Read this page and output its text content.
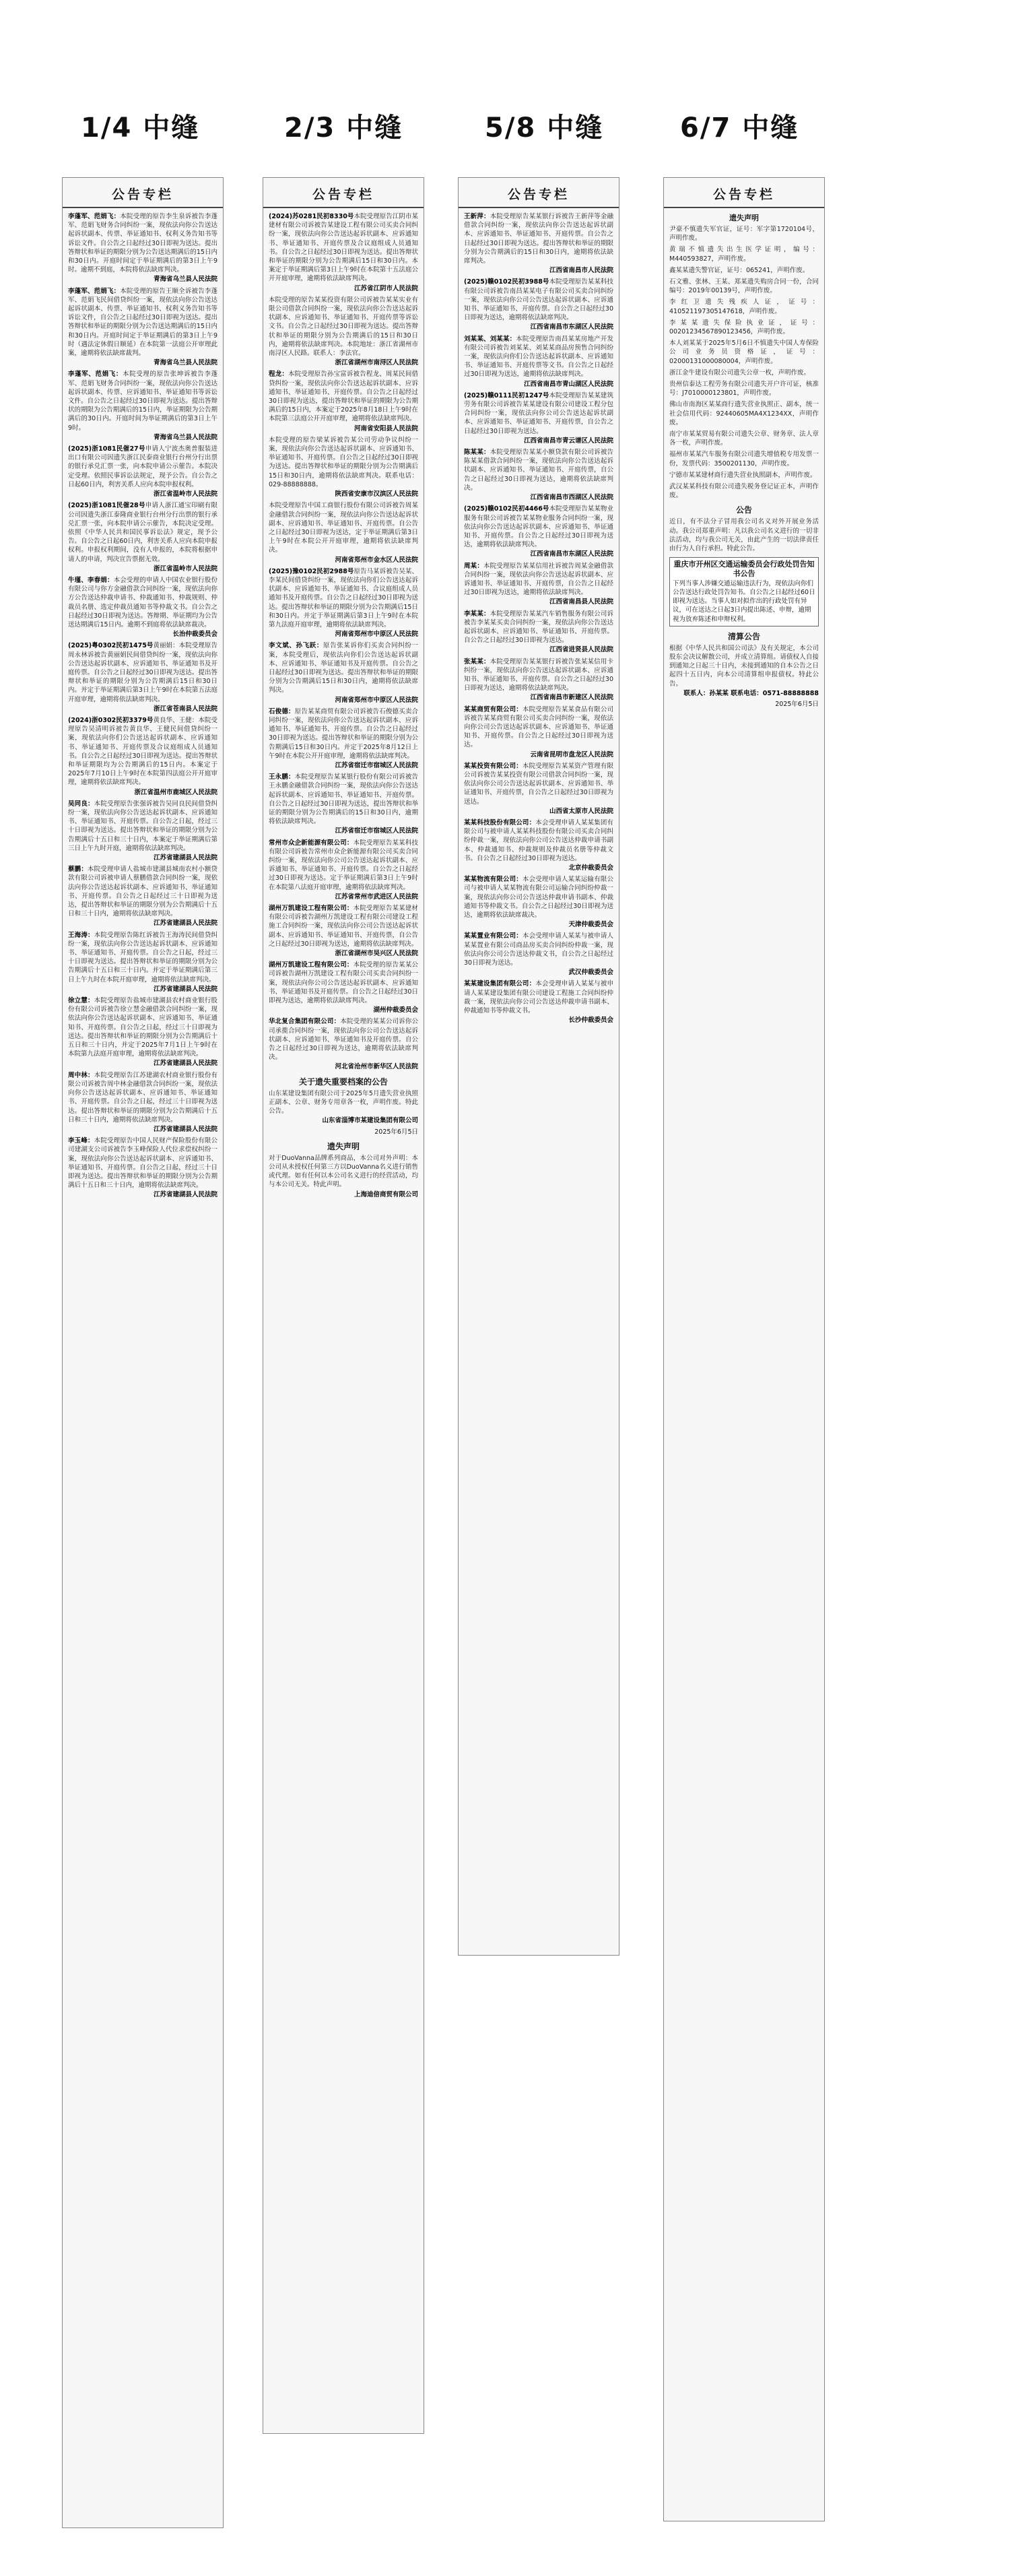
1/4 中缝	2/3 中缝	5/8 中缝	6/7 中缝
公告专栏

李蓬军、范娟飞：本院受理的原告李生泉诉被告李蓬军、范娟飞财务合同纠纷一案，现依法向你公告送达起诉状副本、传票、举证通知书、权利义务告知书等诉讼文件。自公告之日起经过30日即视为送达。提出答辩状和举证的期限分别为公告送达期满后的15日内和30日内。开庭时间定于举证期满后的第3日上午9时。逾期不到庭，本院将依法缺席判决。

青海省乌兰县人民法院

李蓬军、范娟飞：本院受理的原告王顺全诉被告李蓬军、范娟飞民间借贷纠纷一案，现依法向你公告送达起诉状副本、传票、举证通知书、权利义务告知书等诉讼文件，自公告之日起经过30日即视为送达。提出答辩状和举证的期限分别为公告送达期满后的15日内和30日内。开庭时间定于举证期满后的第3日上午9时（遇法定休假日顺延）在本院第一法庭公开审理此案，逾期将依法缺席裁判。

青海省乌兰县人民法院

李蓬军、范娟飞：本院受理的原告张坤诉被告李蓬军、范娟飞财务合同纠纷一案，现依法向你公告送达起诉状副本、传票、应诉通知书、举证通知书等诉讼文件。自公告之日起经过30日即视为送达。提出答辩状的期限为公告期满后的15日内，举证期限为公告期满后的30日内。开庭时间为举证期满后的第3日上午9时。

青海省乌兰县人民法院

(2025)浙1081民催27号申请人宁波杰奥普服装进出口有限公司因遗失浙江民泰商业银行台州分行出票的银行承兑汇票一张，向本院申请公示催告。本院决定受理。依照民事诉讼法规定，现予公告。自公告之日起60日内，利害关系人应向本院申报权利。

浙江省温岭市人民法院

(2025)浙1081民催28号申请人浙江通宝印刷有限公司因遗失浙江泰隆商业银行台州分行出票的银行承兑汇票一张，向本院申请公示催告，本院决定受理。依照《中华人民共和国民事诉讼法》规定，现予公告。自公告之日起60日内，利害关系人应向本院申报权利。申报权利期间，没有人申报的，本院将根据申请人的申请，判决宣告票据无效。

浙江省温岭市人民法院

牛瑾、李春娟：本会受理的申请人中国农业银行股份有限公司与你方金融借款合同纠纷一案，现依法向你方公告送达仲裁申请书、仲裁通知书、仲裁规则、仲裁员名册、选定仲裁员通知书等仲裁文书。自公告之日起经过30日即视为送达。答辩期、举证期均为公告送达期满后15日内。逾期不到庭将依法缺席裁决。

长治仲裁委员会

(2025)粤0302民初1475号黄丽娟：本院受理原告周永林诉被告黄丽娟民间借贷纠纷一案，现依法向你公告送达起诉状副本、应诉通知书、举证通知书及开庭传票。自公告之日起经过30日即视为送达。提出答辩状和举证的期限分别为公告期满后15日和30日内。并定于举证期满后第3日上午9时在本院第五法庭开庭审理，逾期将依法缺席判决。

浙江省苍南县人民法院

(2024)浙0302民初3379号黄良华、王健：本院受理原告吴清明诉被告黄良华、王健民间借贷纠纷一案，现依法向你们公告送达起诉状副本、应诉通知书、举证通知书、开庭传票及合议庭组成人员通知书。自公告之日起经过30日即视为送达。提出答辩状和举证期限均为公告期满后的15日内。本案定于2025年7月10日上午9时在本院第四法庭公开开庭审理，逾期将依法缺席判决。

浙江省温州市鹿城区人民法院

吴同良：本院受理原告张强诉被告吴同良民间借贷纠纷一案，现依法向你公告送达起诉状副本、应诉通知书、举证通知书、开庭传票。自公告之日起，经过三十日即视为送达。提出答辩状和举证的期限分别为公告期满后十五日和三十日内，本案定于举证期满后第三日上午九时开庭，逾期将依法缺席判决。

江苏省建湖县人民法院

蔡鹏：本院受理申请人盐城市建湖县城南农村小额贷款有限公司诉被申请人蔡鹏借款合同纠纷一案，现依法向你公告送达起诉状副本、应诉通知书、举证通知书、开庭传票。自公告之日起经过三十日即视为送达，提出答辩状和举证的期限分别为公告期满后十五日和三十日内，逾期将依法缺席判决。

江苏省建湖县人民法院

王海涛：本院受理原告陈红诉被告王海涛民间借贷纠纷一案，现依法向你公告送达起诉状副本、应诉通知书、举证通知书、开庭传票。自公告之日起，经过三十日即视为送达。提出答辩状和举证的期限分别为公告期满后十五日和三十日内。并定于举证期满后第三日上午九时在本院开庭审理，逾期将依法缺席判决。

江苏省建湖县人民法院

徐立慧：本院受理原告盐城市建湖县农村商业银行股份有限公司诉被告徐立慧金融借款合同纠纷一案，现依法向你公告送达起诉状副本、应诉通知书、举证通知书、开庭传票。自公告之日起，经过三十日即视为送达。提出答辩状和举证的期限分别为公告期满后十五日和三十日内，并定于2025年7月1日上午9时在本院第九法庭开庭审理，逾期将依法缺席判决。

江苏省建湖县人民法院

周中林：本院受理原告江苏建湖农村商业银行股份有限公司诉被告周中林金融借款合同纠纷一案，现依法向你公告送达起诉状副本、应诉通知书、举证通知书、开庭传票。自公告之日起，经过三十日即视为送达。提出答辩状和举证的期限分别为公告期满后十五日和三十日内，逾期将依法缺席判决。

江苏省建湖县人民法院

李玉峰：本院受理原告中国人民财产保险股份有限公司建湖支公司诉被告李玉峰保险人代位求偿权纠纷一案，现依法向你公告送达起诉状副本、应诉通知书、举证通知书、开庭传票。自公告之日起，经过三十日即视为送达。提出答辩状和举证的期限分别为公告期满后十五日和三十日内，逾期将依法缺席判决。

江苏省建湖县人民法院
公告专栏

(2024)苏0281民初8330号本院受理原告江阴市某建材有限公司诉被告某建设工程有限公司买卖合同纠纷一案，现依法向你公告送达起诉状副本、应诉通知书、举证通知书、开庭传票及合议庭组成人员通知书。自公告之日起经过30日即视为送达。提出答辩状和举证的期限分别为公告期满后15日和30日内。本案定于举证期满后第3日上午9时在本院第十五法庭公开开庭审理，逾期将依法缺席判决。

江苏省江阴市人民法院

本院受理的原告某某投资有限公司诉被告某某实业有限公司借款合同纠纷一案，现依法向你公告送达起诉状副本、应诉通知书、举证通知书、开庭传票等诉讼文书。自公告之日起经过30日即视为送达。提出答辩状和举证的期限分别为公告期满后的15日和30日内，逾期将依法缺席判决。本院地址：浙江省湖州市南浔区人民路。联系人：李法官。

浙江省湖州市南浔区人民法院

程龙：本院受理原告孙宝富诉被告程龙、周某民间借贷纠纷一案，现依法向你公告送达起诉状副本、应诉通知书、举证通知书、开庭传票。自公告之日起经过30日即视为送达，提出答辩状和举证的期限为公告期满后的15日内，本案定于2025年8月18日上午9时在本院第三法庭公开开庭审理，逾期将依法缺席判决。

河南省安阳县人民法院

本院受理的原告梁某诉被告某公司劳动争议纠纷一案，现依法向你公告送达起诉状副本、应诉通知书、举证通知书、开庭传票。自公告之日起经过30日即视为送达。提出答辩状和举证的期限分别为公告期满后15日和30日内，逾期将依法缺席判决。联系电话：029-88888888。

陕西省安康市汉滨区人民法院

本院受理原告中国工商银行股份有限公司诉被告周某金融借款合同纠纷一案，现依法向你公告送达起诉状副本、应诉通知书、举证通知书、开庭传票。自公告之日起经过30日即视为送达，定于举证期满后第3日上午9时在本院公开开庭审理，逾期将依法缺席判决。

河南省郑州市金水区人民法院

(2025)豫0102民初2988号原告马某诉被告吴某、李某民间借贷纠纷一案，现依法向你们公告送达起诉状副本、应诉通知书、举证通知书、合议庭组成人员通知书及开庭传票。自公告之日起经过30日即视为送达。提出答辩状和举证的期限分别为公告期满后15日和30日内。并定于举证期满后第3日上午9时在本院第九法庭开庭审理，逾期将依法缺席判决。

河南省郑州市中原区人民法院

李文斌、孙飞跃：原告张某诉你们买卖合同纠纷一案，本院受理后，现依法向你们公告送达起诉状副本、应诉通知书、举证通知书及开庭传票。自公告之日起经过30日即视为送达。提出答辩状和举证的期限分别为公告期满后15日和30日内，逾期将依法缺席判决。

河南省郑州市中原区人民法院

石俊德：原告某某商贸有限公司诉被告石俊德买卖合同纠纷一案，现依法向你公告送达起诉状副本、应诉通知书、举证通知书、开庭传票。自公告之日起经过30日即视为送达。提出答辩状和举证的期限分别为公告期满后15日和30日内。并定于2025年8月12日上午9时在本院公开开庭审理，逾期将依法缺席判决。

江苏省宿迁市宿城区人民法院

王永鹏：本院受理原告某某银行股份有限公司诉被告王永鹏金融借款合同纠纷一案，现依法向你公告送达起诉状副本、应诉通知书、举证通知书、开庭传票。自公告之日起经过30日即视为送达，提出答辩状和举证的期限分别为公告期满后的15日和30日内，逾期将依法缺席判决。

江苏省宿迁市宿城区人民法院

常州市众企新能源有限公司：本院受理原告某某科技有限公司诉被告常州市众企新能源有限公司买卖合同纠纷一案，现依法向你公司公告送达起诉状副本、应诉通知书、举证通知书、开庭传票。自公告之日起经过30日即视为送达。定于举证期满后第3日上午9时在本院第八法庭开庭审理，逾期将依法缺席判决。

江苏省常州市武进区人民法院

湖州万凯建设工程有限公司：本院受理原告某某建材有限公司诉被告湖州万凯建设工程有限公司建设工程施工合同纠纷一案，现依法向你公司公告送达起诉状副本、应诉通知书、举证通知书、开庭传票，自公告之日起经过30日即视为送达，逾期将依法缺席判决。

浙江省湖州市吴兴区人民法院

湖州万凯建设工程有限公司：本院受理的原告某某公司诉被告湖州万凯建设工程有限公司买卖合同纠纷一案，现依法向你公司公告送达起诉状副本、应诉通知书、举证通知书及开庭传票。自公告之日起经过30日即视为送达，逾期将依法缺席判决。

湖州仲裁委员会

华北复合集团有限公司：本院受理的某某公司诉你公司承揽合同纠纷一案，现依法向你公司公告送达起诉状副本、应诉通知书、举证通知书及开庭传票。自公告之日起经过30日即视为送达，逾期将依法缺席判决。

河北省沧州市新华区人民法院
关于遗失重要档案的公告

山东某建设集团有限公司于2025年5月遗失营业执照正副本、公章、财务专用章各一枚，声明作废。特此公告。

山东省淄博市某建设集团有限公司
2025年6月5日
遗失声明

对于DuoVanna品牌系列商品，本公司对外声明：本公司从未授权任何第三方以DuoVanna名义进行销售或代理。如有任何以本公司名义进行的经营活动，均与本公司无关。特此声明。

上海迪倍商贸有限公司
公告专栏

王新萍：本院受理原告某某银行诉被告王新萍等金融借款合同纠纷一案，现依法向你公告送达起诉状副本、应诉通知书、举证通知书、开庭传票。自公告之日起经过30日即视为送达。提出答辩状和举证的期限分别为公告期满后的15日和30日内，逾期将依法缺席判决。

江西省南昌市人民法院

(2025)赣0102民初3988号本院受理原告某某科技有限公司诉被告南昌某某电子有限公司买卖合同纠纷一案，现依法向你公司公告送达起诉状副本、应诉通知书、举证通知书、开庭传票。自公告之日起经过30日即视为送达，逾期将依法缺席判决。

江西省南昌市东湖区人民法院

刘某某、刘某某：本院受理原告南昌某某房地产开发有限公司诉被告刘某某、刘某某商品房预售合同纠纷一案，现依法向你们公告送达起诉状副本、应诉通知书、举证通知书、开庭传票等文书。自公告之日起经过30日即视为送达，逾期将依法缺席判决。

江西省南昌市青山湖区人民法院

(2025)赣0111民初1247号本院受理原告某某建筑劳务有限公司诉被告某某建设有限公司建设工程分包合同纠纷一案，现依法向你公司公告送达起诉状副本、应诉通知书、举证通知书、开庭传票，自公告之日起经过30日即视为送达。

江西省南昌市青云谱区人民法院

陈某某：本院受理原告某某小额贷款有限公司诉被告陈某某借款合同纠纷一案，现依法向你公告送达起诉状副本、应诉通知书、举证通知书、开庭传票，自公告之日起经过30日即视为送达，逾期将依法缺席判决。

江西省南昌市西湖区人民法院

(2025)赣0102民初4466号本院受理原告某某物业服务有限公司诉被告某某物业服务合同纠纷一案，现依法向你公告送达起诉状副本、应诉通知书、举证通知书、开庭传票。自公告之日起经过30日即视为送达，逾期将依法缺席判决。

江西省南昌市东湖区人民法院

周某：本院受理原告某某信用社诉被告周某金融借款合同纠纷一案，现依法向你公告送达起诉状副本、应诉通知书、举证通知书、开庭传票，自公告之日起经过30日即视为送达，逾期将依法缺席判决。

江西省南昌县人民法院

李某某：本院受理原告某某汽车销售服务有限公司诉被告李某某买卖合同纠纷一案，现依法向你公告送达起诉状副本、应诉通知书、举证通知书、开庭传票。自公告之日起经过30日即视为送达。

江西省进贤县人民法院

张某某：本院受理原告某某银行诉被告张某某信用卡纠纷一案，现依法向你公告送达起诉状副本、应诉通知书、举证通知书、开庭传票。自公告之日起经过30日即视为送达，逾期将依法缺席判决。

江西省南昌市新建区人民法院

某某商贸有限公司：本院受理原告某某食品有限公司诉被告某某商贸有限公司买卖合同纠纷一案，现依法向你公司公告送达起诉状副本、应诉通知书、举证通知书、开庭传票。自公告之日起经过30日即视为送达。

云南省昆明市盘龙区人民法院

某某投资有限公司：本院受理原告某某资产管理有限公司诉被告某某投资有限公司借款合同纠纷一案，现依法向你公司公告送达起诉状副本、应诉通知书、举证通知书、开庭传票，自公告之日起经过30日即视为送达。

山西省太原市人民法院

某某科技股份有限公司：本会受理申请人某某集团有限公司与被申请人某某科技股份有限公司买卖合同纠纷仲裁一案，现依法向你公司公告送达仲裁申请书副本、仲裁通知书、仲裁规则及仲裁员名册等仲裁文书。自公告之日起经过30日即视为送达。

北京仲裁委员会

某某物流有限公司：本会受理申请人某某运输有限公司与被申请人某某物流有限公司运输合同纠纷仲裁一案，现依法向你公司公告送达仲裁申请书副本、仲裁通知书等仲裁文书。自公告之日起经过30日即视为送达，逾期将依法缺席裁决。

天津仲裁委员会

某某置业有限公司：本会受理申请人某某与被申请人某某置业有限公司商品房买卖合同纠纷仲裁一案，现依法向你公司公告送达仲裁文书，自公告之日起经过30日即视为送达。

武汉仲裁委员会

某某建设集团有限公司：本会受理申请人某某与被申请人某某建设集团有限公司建设工程施工合同纠纷仲裁一案，现依法向你公司公告送达仲裁申请书副本、仲裁通知书等仲裁文书。

长沙仲裁委员会
公告专栏
遗失声明

尹豪不慎遗失军官证，证号：军字第1720104号，声明作废。

黄瑞不慎遗失出生医学证明，编号：M440593827，声明作废。

鑫某某遗失警官证，证号：065241，声明作废。

石文雅、张林、王某、郑某遗失购房合同一份，合同编号：2019年00139号，声明作废。

李红卫遗失残疾人证，证号：410521197305147618，声明作废。

李某某遗失保险执业证，证号：00201234567890123456，声明作废。

本人刘某某于2025年5月6日不慎遗失中国人寿保险公司业务员资格证，证号：02000131000080004，声明作废。

浙江金牛建设有限公司遗失公章一枚，声明作废。

贵州信泰达工程劳务有限公司遗失开户许可证，核准号：J7010000123801，声明作废。

佛山市南海区某某商行遗失营业执照正、副本，统一社会信用代码：92440605MA4X1234XX，声明作废。

南宁市某某贸易有限公司遗失公章、财务章、法人章各一枚，声明作废。

福州市某某汽车服务有限公司遗失增值税专用发票一份，发票代码：3500201130，声明作废。

宁德市某某建材商行遗失营业执照副本，声明作废。

武汉某某科技有限公司遗失税务登记证正本，声明作废。

公告

近日，有不法分子冒用我公司名义对外开展业务活动。我公司郑重声明：凡以我公司名义进行的一切非法活动，均与我公司无关，由此产生的一切法律责任由行为人自行承担。特此公告。

重庆市开州区交通运输委员会行政处罚告知书公告
下列当事人涉嫌交通运输违法行为，现依法向你们公告送达行政处罚告知书。自公告之日起经过60日即视为送达。当事人如对拟作出的行政处罚有异议，可在送达之日起3日内提出陈述、申辩，逾期视为放弃陈述和申辩权利。
清算公告

根据《中华人民共和国公司法》及有关规定，本公司股东会决议解散公司，并成立清算组。请债权人自接到通知之日起三十日内，未接到通知的自本公告之日起四十五日内，向本公司清算组申报债权。特此公告。

联系人：孙某某 联系电话：0571-88888888
2025年6月5日
